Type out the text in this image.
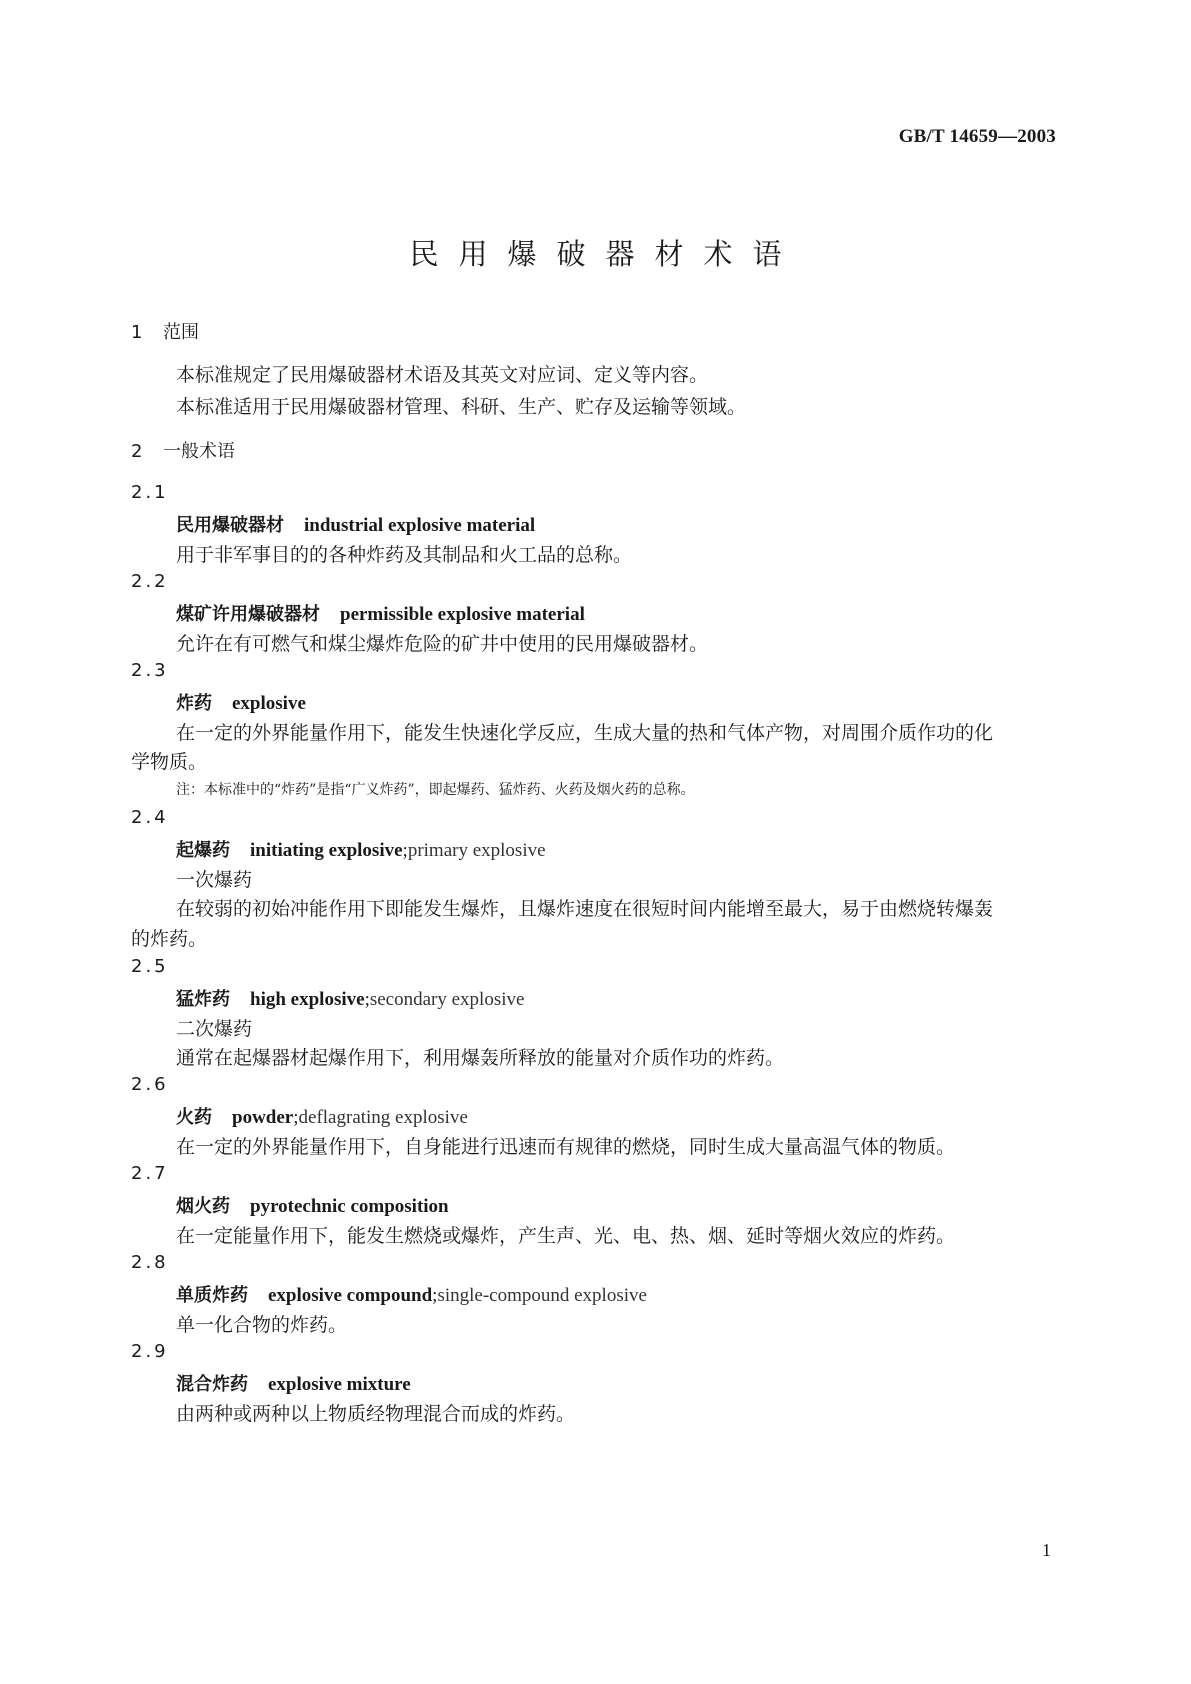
GB/T 14659—2003
民用爆破器材术语
1 范围
本标准规定了民用爆破器材术语及其英文对应词、定义等内容。
本标准适用于民用爆破器材管理、科研、生产、贮存及运输等领域。
2 一般术语
2.1
民用爆破器材 industrial explosive material
用于非军事目的的各种炸药及其制品和火工品的总称。
2.2
煤矿许用爆破器材 permissible explosive material
允许在有可燃气和煤尘爆炸危险的矿井中使用的民用爆破器材。
2.3
炸药 explosive
在一定的外界能量作用下，能发生快速化学反应，生成大量的热和气体产物，对周围介质作功的化
学物质。
注：本标准中的“炸药”是指“广义炸药”，即起爆药、猛炸药、火药及烟火药的总称。
2.4
起爆药 initiating explosive;primary explosive
一次爆药
在较弱的初始冲能作用下即能发生爆炸，且爆炸速度在很短时间内能增至最大，易于由燃烧转爆轰
的炸药。
2.5
猛炸药 high explosive;secondary explosive
二次爆药
通常在起爆器材起爆作用下，利用爆轰所释放的能量对介质作功的炸药。
2.6
火药 powder;deflagrating explosive
在一定的外界能量作用下，自身能进行迅速而有规律的燃烧，同时生成大量高温气体的物质。
2.7
烟火药 pyrotechnic composition
在一定能量作用下，能发生燃烧或爆炸，产生声、光、电、热、烟、延时等烟火效应的炸药。
2.8
单质炸药 explosive compound;single-compound explosive
单一化合物的炸药。
2.9
混合炸药 explosive mixture
由两种或两种以上物质经物理混合而成的炸药。
1
